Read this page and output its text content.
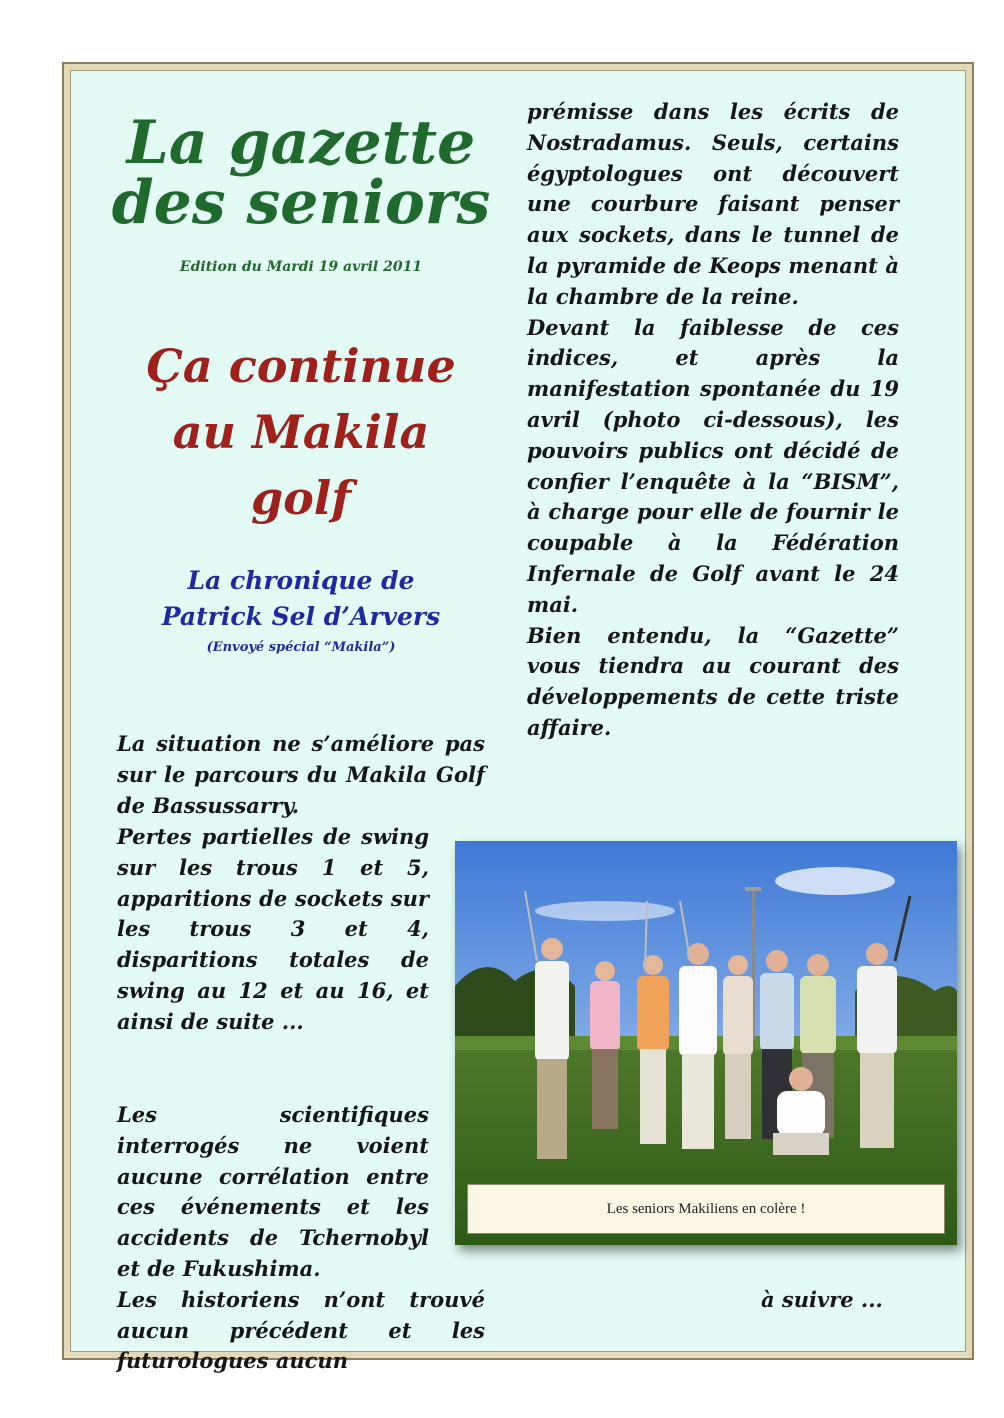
La gazette
des seniors
Edition du Mardi 19 avril 2011
Ça continue
au Makila
golf
La chronique de
Patrick Sel d’Arvers
(Envoyé spécial “Makila”)

La situation ne s’améliore pas sur le parcours du Makila Golf de Bassussarry.

Pertes partielles de swing sur les trous 1 et 5, apparitions de sockets sur les trous 3 et 4, disparitions totales de swing au 12 et au 16, et ainsi de suite ...

Les scientifiques interrogés ne voient aucune corrélation entre ces événements et les accidents de Tchernobyl et de Fukushima.

Les historiens n’ont trouvé aucun précédent et les futurologues aucun

prémisse dans les écrits de Nostradamus. Seuls, certains égyptologues ont découvert une courbure faisant penser aux sockets, dans le tunnel de la pyramide de Keops menant à la chambre de la reine.

Devant la faiblesse de ces indices, et après la manifestation spontanée du 19 avril (photo ci-dessous), les pouvoirs publics ont décidé de confier l’enquête à la “BISM”, à charge pour elle de fournir le coupable à la Fédération Infernale de Golf avant le 24 mai.

Bien entendu, la “Gazette” vous tiendra au courant des développements de cette triste affaire.

Les seniors Makiliens en colère !
à suivre ...
